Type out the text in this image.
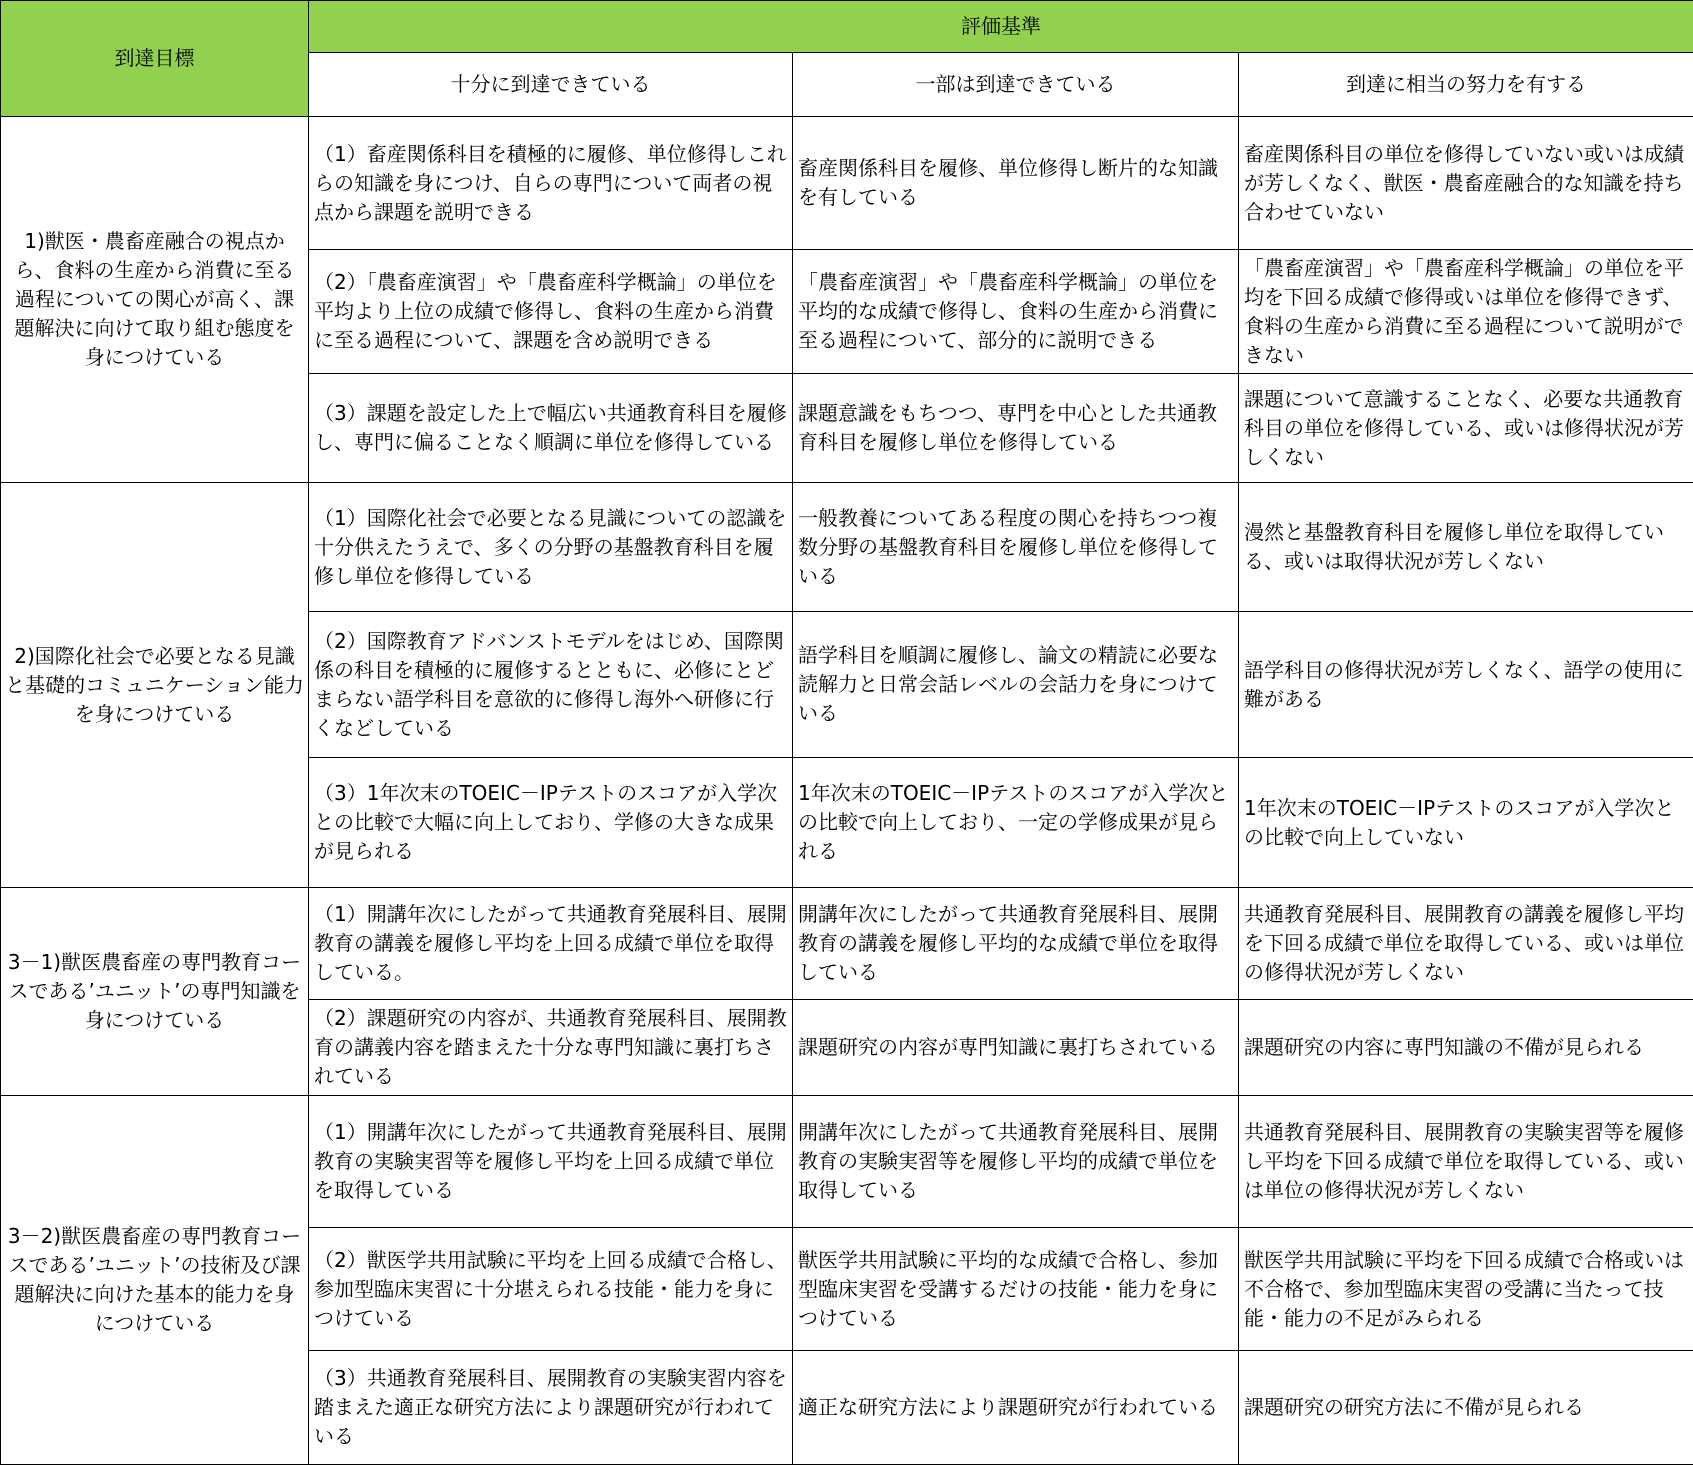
到達目標	評価基準		
	十分に到達できている	一部は到達できている	到達に相当の努力を有する
1)獣医・農畜産融合の視点から、食料の生産から消費に至る過程についての関心が高く、課題解決に向けて取り組む態度を身につけている	（1）畜産関係科目を積極的に履修、単位修得しこれらの知識を身につけ、自らの専門について両者の視点から課題を説明できる	畜産関係科目を履修、単位修得し断片的な知識を有している	畜産関係科目の単位を修得していない或いは成績が芳しくなく、獣医・農畜産融合的な知識を持ち合わせていない
	（2）「農畜産演習」や「農畜産科学概論」の単位を平均より上位の成績で修得し、食料の生産から消費に至る過程について、課題を含め説明できる	「農畜産演習」や「農畜産科学概論」の単位を平均的な成績で修得し、食料の生産から消費に至る過程について、部分的に説明できる	「農畜産演習」や「農畜産科学概論」の単位を平均を下回る成績で修得或いは単位を修得できず、食料の生産から消費に至る過程について説明ができない
	（3）課題を設定した上で幅広い共通教育科目を履修し、専門に偏ることなく順調に単位を修得している	課題意識をもちつつ、専門を中心とした共通教育科目を履修し単位を修得している	課題について意識することなく、必要な共通教育科目の単位を修得している、或いは修得状況が芳しくない
2)国際化社会で必要となる見識と基礎的コミュニケーション能力を身につけている	（1）国際化社会で必要となる見識についての認識を十分供えたうえで、多くの分野の基盤教育科目を履修し単位を修得している	一般教養についてある程度の関心を持ちつつ複数分野の基盤教育科目を履修し単位を修得している	漫然と基盤教育科目を履修し単位を取得している、或いは取得状況が芳しくない
	（2）国際教育アドバンストモデルをはじめ、国際関係の科目を積極的に履修するとともに、必修にとどまらない語学科目を意欲的に修得し海外へ研修に行くなどしている	語学科目を順調に履修し、論文の精読に必要な読解力と日常会話レベルの会話力を身につけている	語学科目の修得状況が芳しくなく、語学の使用に難がある
	（3）1年次末のTOEIC－IPテストのスコアが入学次との比較で大幅に向上しており、学修の大きな成果が見られる	1年次末のTOEIC－IPテストのスコアが入学次との比較で向上しており、一定の学修成果が見られる	1年次末のTOEIC－IPテストのスコアが入学次との比較で向上していない
3－1)獣医農畜産の専門教育コースである’ユニット’の専門知識を身につけている	（1）開講年次にしたがって共通教育発展科目、展開教育の講義を履修し平均を上回る成績で単位を取得している。	開講年次にしたがって共通教育発展科目、展開教育の講義を履修し平均的な成績で単位を取得している	共通教育発展科目、展開教育の講義を履修し平均を下回る成績で単位を取得している、或いは単位の修得状況が芳しくない
	（2）課題研究の内容が、共通教育発展科目、展開教育の講義内容を踏まえた十分な専門知識に裏打ちされている	課題研究の内容が専門知識に裏打ちされている	課題研究の内容に専門知識の不備が見られる
3－2)獣医農畜産の専門教育コースである’ユニット’の技術及び課題解決に向けた基本的能力を身につけている	（1）開講年次にしたがって共通教育発展科目、展開教育の実験実習等を履修し平均を上回る成績で単位を取得している	開講年次にしたがって共通教育発展科目、展開教育の実験実習等を履修し平均的成績で単位を取得している	共通教育発展科目、展開教育の実験実習等を履修し平均を下回る成績で単位を取得している、或いは単位の修得状況が芳しくない
	（2）獣医学共用試験に平均を上回る成績で合格し、参加型臨床実習に十分堪えられる技能・能力を身につけている	獣医学共用試験に平均的な成績で合格し、参加型臨床実習を受講するだけの技能・能力を身につけている	獣医学共用試験に平均を下回る成績で合格或いは不合格で、参加型臨床実習の受講に当たって技能・能力の不足がみられる
	（3）共通教育発展科目、展開教育の実験実習内容を踏まえた適正な研究方法により課題研究が行われている	適正な研究方法により課題研究が行われている	課題研究の研究方法に不備が見られる
